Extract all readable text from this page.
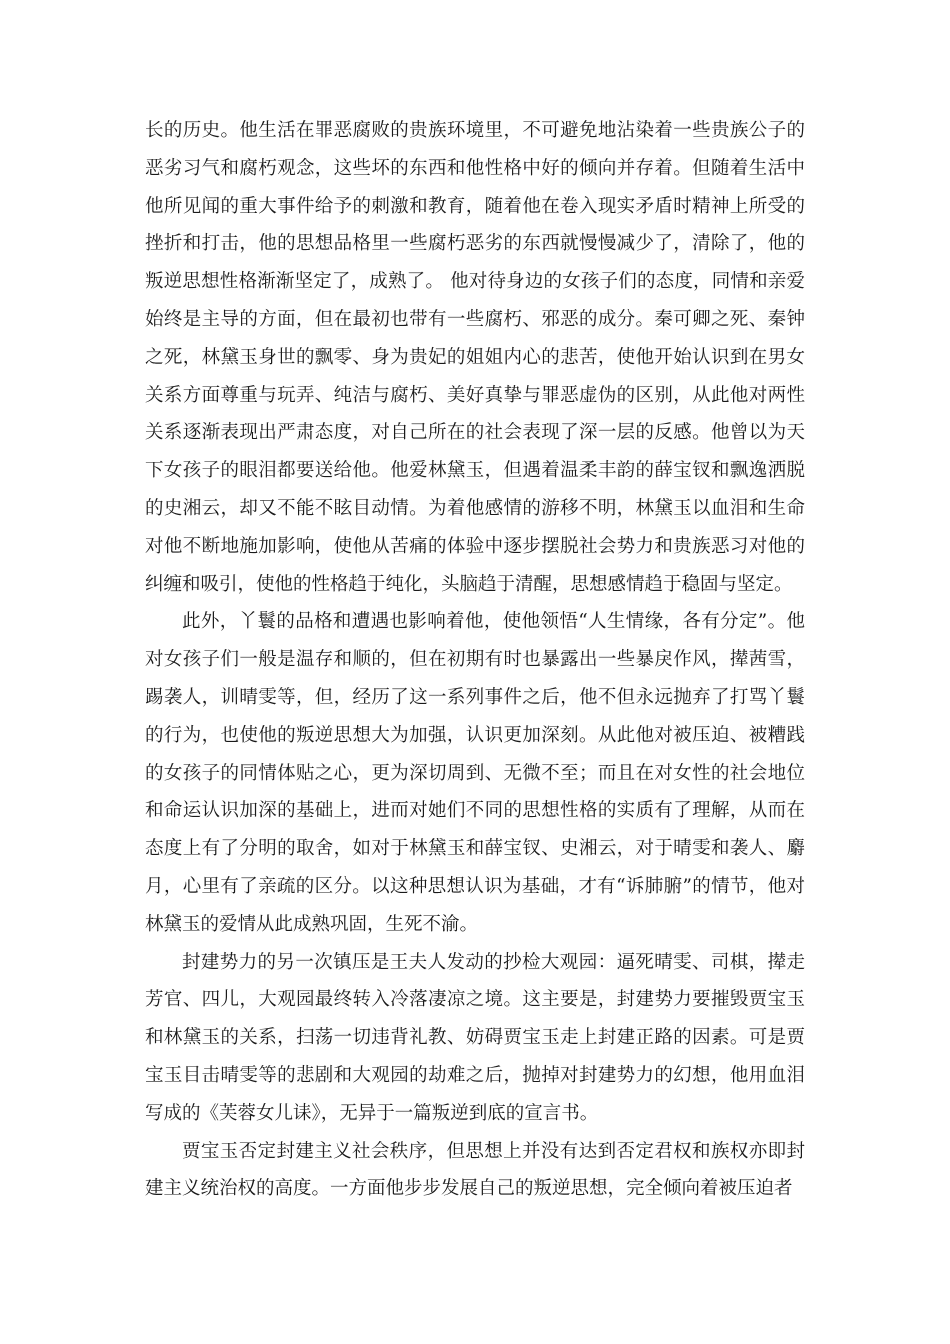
长的历史。他生活在罪恶腐败的贵族环境里，不可避免地沾染着一些贵族公子的恶劣习气和腐朽观念，这些坏的东西和他性格中好的倾向并存着。但随着生活中他所见闻的重大事件给予的刺激和教育，随着他在卷入现实矛盾时精神上所受的挫折和打击，他的思想品格里一些腐朽恶劣的东西就慢慢减少了，清除了，他的叛逆思想性格渐渐坚定了，成熟了。 他对待身边的女孩子们的态度，同情和亲爱始终是主导的方面，但在最初也带有一些腐朽、邪恶的成分。秦可卿之死、秦钟之死，林黛玉身世的飘零、身为贵妃的姐姐内心的悲苦，使他开始认识到在男女关系方面尊重与玩弄、纯洁与腐朽、美好真挚与罪恶虚伪的区别，从此他对两性关系逐渐表现出严肃态度，对自己所在的社会表现了深一层的反感。他曾以为天下女孩子的眼泪都要送给他。他爱林黛玉，但遇着温柔丰韵的薛宝钗和飘逸洒脱的史湘云，却又不能不眩目动情。为着他感情的游移不明，林黛玉以血泪和生命对他不断地施加影响，使他从苦痛的体验中逐步摆脱社会势力和贵族恶习对他的纠缠和吸引，使他的性格趋于纯化，头脑趋于清醒，思想感情趋于稳固与坚定。

此外，丫鬟的品格和遭遇也影响着他，使他领悟“人生情缘，各有分定”。他对女孩子们一般是温存和顺的，但在初期有时也暴露出一些暴戾作风，撵茜雪，踢袭人，训晴雯等，但，经历了这一系列事件之后，他不但永远抛弃了打骂丫鬟的行为，也使他的叛逆思想大为加强，认识更加深刻。从此他对被压迫、被糟践的女孩子的同情体贴之心，更为深切周到、无微不至；而且在对女性的社会地位和命运认识加深的基础上，进而对她们不同的思想性格的实质有了理解，从而在态度上有了分明的取舍，如对于林黛玉和薛宝钗、史湘云，对于晴雯和袭人、麝月，心里有了亲疏的区分。以这种思想认识为基础，才有“诉肺腑”的情节，他对林黛玉的爱情从此成熟巩固，生死不渝。

封建势力的另一次镇压是王夫人发动的抄检大观园：逼死晴雯、司棋，撵走芳官、四儿，大观园最终转入冷落凄凉之境。这主要是，封建势力要摧毁贾宝玉和林黛玉的关系，扫荡一切违背礼教、妨碍贾宝玉走上封建正路的因素。可是贾宝玉目击晴雯等的悲剧和大观园的劫难之后，抛掉对封建势力的幻想，他用血泪写成的《芙蓉女儿诔》，无异于一篇叛逆到底的宣言书。

贾宝玉否定封建主义社会秩序，但思想上并没有达到否定君权和族权亦即封建主义统治权的高度。一方面他步步发展自己的叛逆思想，完全倾向着被压迫者
